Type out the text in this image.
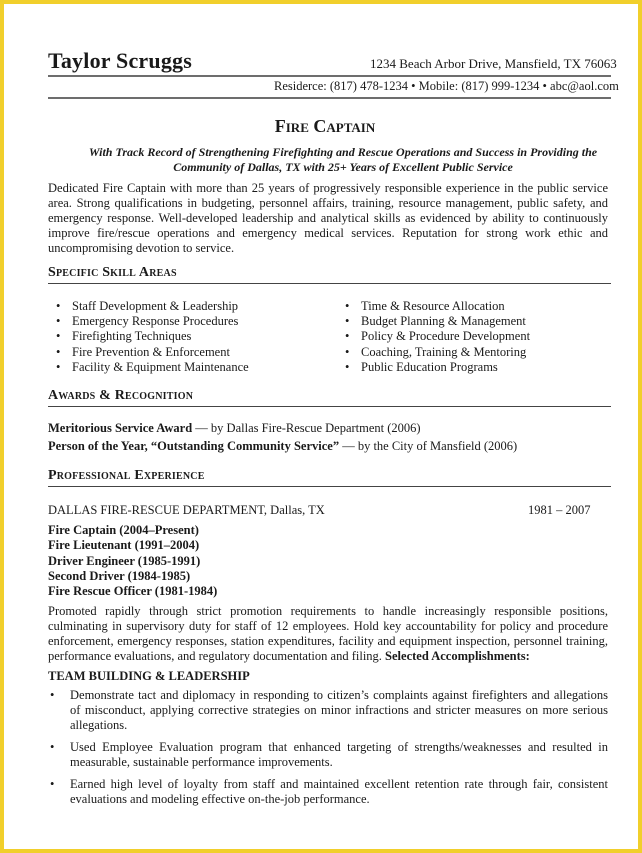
Taylor Scruggs	1234 Beach Arbor Drive, Mansfield, TX 76063
Residerce: (817) 478-1234 • Mobile: (817) 999-1234 • abc@aol.com
Fire Captain
With Track Record of Strengthening Firefighting and Rescue Operations and Success in Providing the
Community of Dallas, TX with 25+ Years of Excellent Public Service
Dedicated Fire Captain with more than 25 years of progressively responsible experience in the public service area. Strong qualifications in budgeting, personnel affairs, training, resource management, public safety, and emergency response. Well-developed leadership and analytical skills as evidenced by ability to continuously improve fire/rescue operations and emergency medical services. Reputation for strong work ethic and uncompromising devotion to service.
Specific Skill Areas
• Staff Development & Leadership
• Emergency Response Procedures
• Firefighting Techniques
• Fire Prevention & Enforcement
• Facility & Equipment Maintenance
• Time & Resource Allocation
• Budget Planning & Management
• Policy & Procedure Development
• Coaching, Training & Mentoring
• Public Education Programs
Awards & Recognition
Meritorious Service Award — by Dallas Fire-Rescue Department (2006)
Person of the Year, “Outstanding Community Service” — by the City of Mansfield (2006)
Professional Experience
DALLAS FIRE-RESCUE DEPARTMENT, Dallas, TX	1981 – 2007
Fire Captain (2004–Present)
Fire Lieutenant (1991–2004)
Driver Engineer (1985-1991)
Second Driver (1984-1985)
Fire Rescue Officer (1981-1984)
Promoted rapidly through strict promotion requirements to handle increasingly responsible positions, culminating in supervisory duty for staff of 12 employees. Hold key accountability for policy and procedure enforcement, emergency responses, station expenditures, facility and equipment inspection, personnel training, performance evaluations, and regulatory documentation and filing. Selected Accomplishments:
TEAM BUILDING & LEADERSHIP
• Demonstrate tact and diplomacy in responding to citizen’s complaints against firefighters and allegations of misconduct, applying corrective strategies on minor infractions and stricter measures on more serious allegations.
• Used Employee Evaluation program that enhanced targeting of strengths/weaknesses and resulted in measurable, sustainable performance improvements.
• Earned high level of loyalty from staff and maintained excellent retention rate through fair, consistent evaluations and modeling effective on-the-job performance.
